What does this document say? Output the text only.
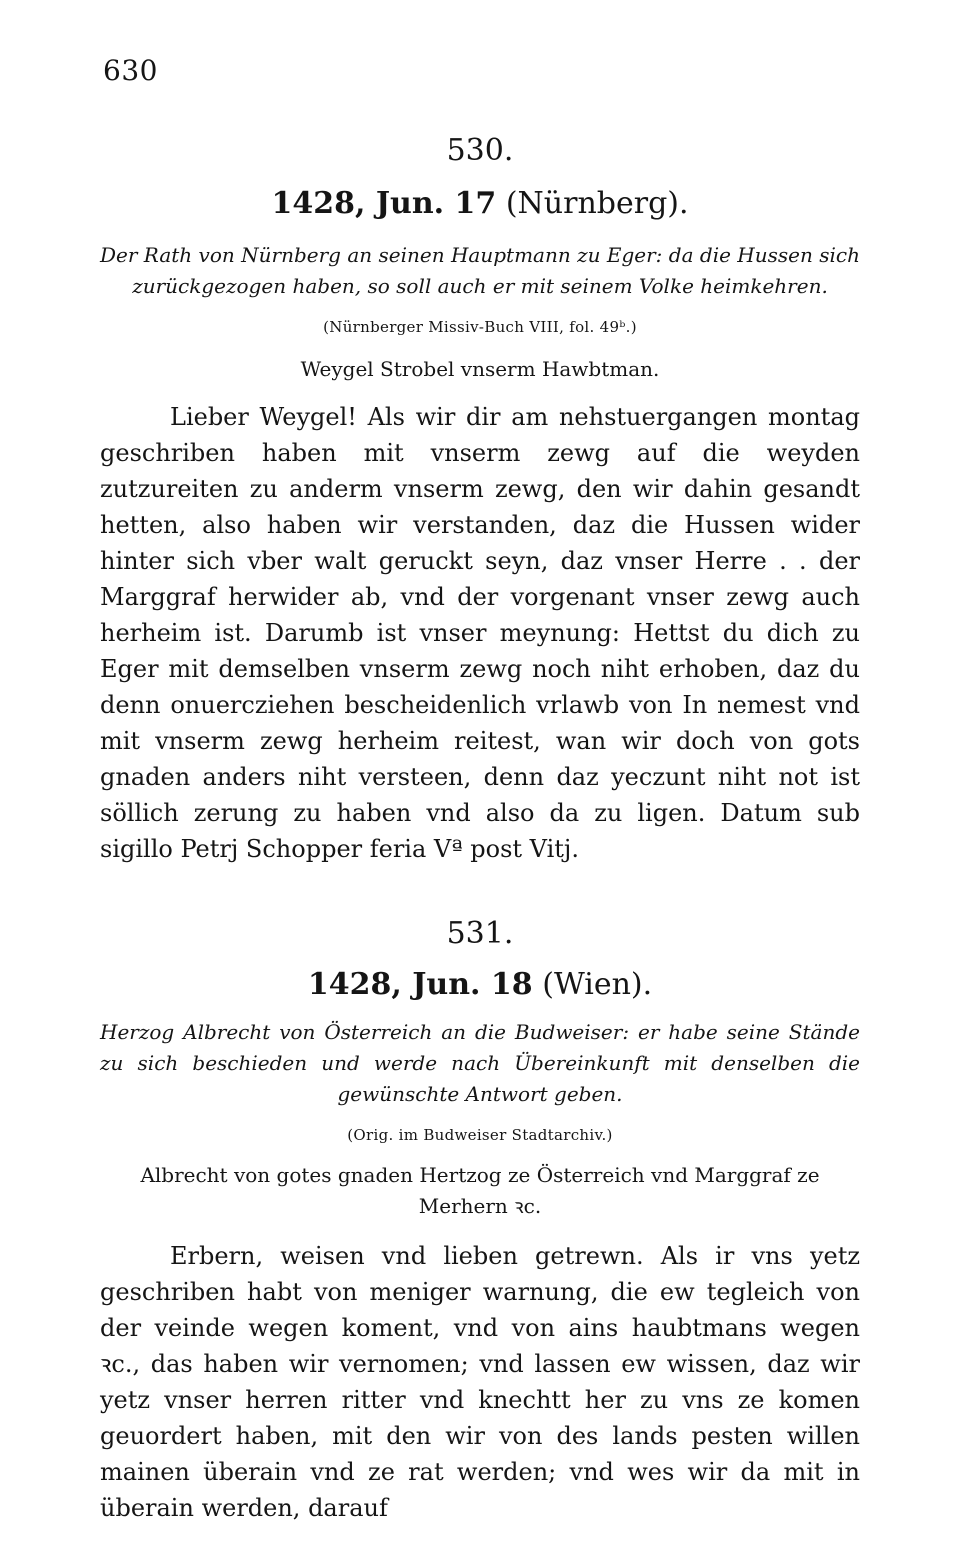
630
530.
1428, Jun. 17 (Nürnberg).
Der Rath von Nürnberg an seinen Hauptmann zu Eger: da die Hussen sich zurückgezogen haben, so soll auch er mit seinem Volke heimkehren.
(Nürnberger Missiv-Buch VIII, fol. 49ᵇ.)
Weygel Strobel vnserm Hawbtman.
Lieber Weygel! Als wir dir am nehstuergangen montag geschriben haben mit vnserm zewg auf die weyden zutzureiten zu anderm vnserm zewg, den wir dahin gesandt hetten, also haben wir verstanden, daz die Hussen wider hinter sich vber walt geruckt seyn, daz vnser Herre . . der Marggraf herwider ab, vnd der vorgenant vnser zewg auch herheim ist. Darumb ist vnser meynung: Hettst du dich zu Eger mit demselben vnserm zewg noch niht erhoben, daz du denn onuercziehen bescheidenlich vrlawb von In nemest vnd mit vnserm zewg herheim reitest, wan wir doch von gots gnaden anders niht versteen, denn daz yeczunt niht not ist söllich zerung zu haben vnd also da zu ligen. Datum sub sigillo Petrj Schopper feria Vª post Vitj.
531.
1428, Jun. 18 (Wien).
Herzog Albrecht von Österreich an die Budweiser: er habe seine Stände zu sich beschieden und werde nach Übereinkunft mit denselben die gewünschte Antwort geben.
(Orig. im Budweiser Stadtarchiv.)
Albrecht von gotes gnaden Hertzog ze Österreich vnd Marggraf ze Merhern ꝛc.
Erbern, weisen vnd lieben getrewn. Als ir vns yetz geschriben habt von meniger warnung, die ew tegleich von der veinde wegen koment, vnd von ains haubtmans wegen ꝛc., das haben wir vernomen; vnd lassen ew wissen, daz wir yetz vnser herren ritter vnd knechtt her zu vns ze komen geuordert haben, mit den wir von des lands pesten willen mainen überain vnd ze rat werden; vnd wes wir da mit in überain werden, darauf
